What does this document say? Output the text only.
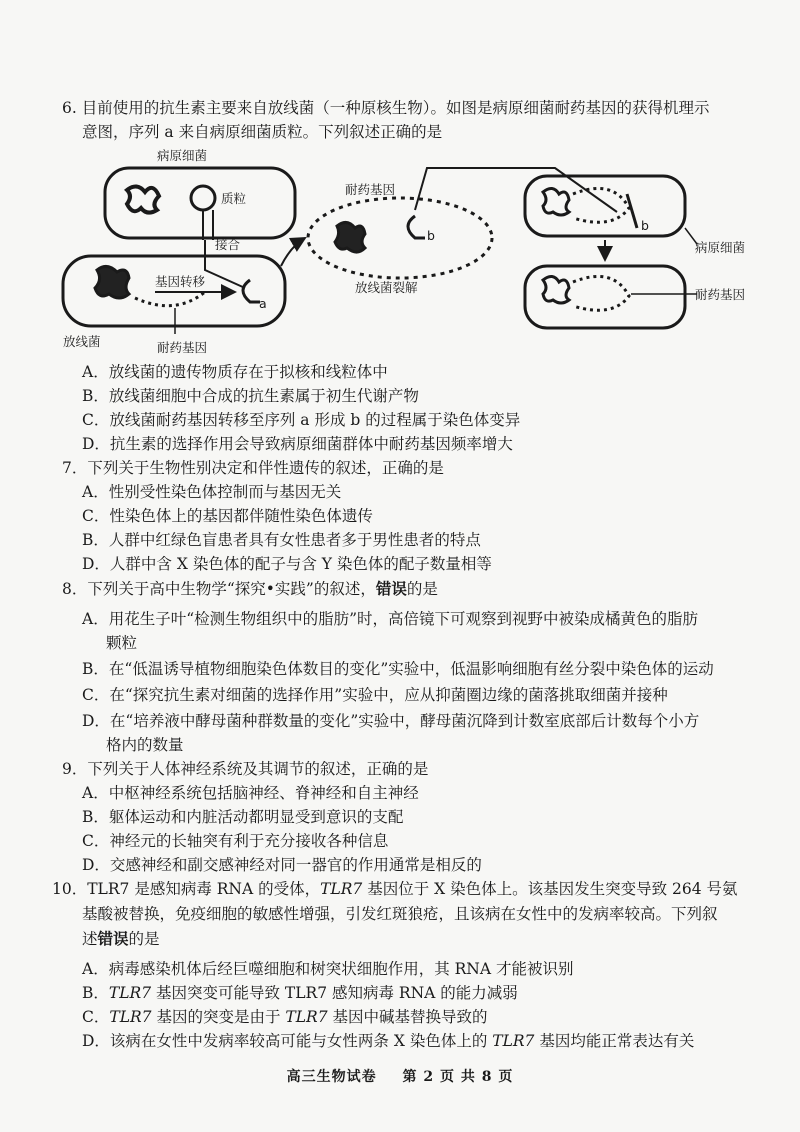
6. 目前使用的抗生素主要来自放线菌（一种原核生物）。如图是病原细菌耐药基因的获得机理示
意图，序列 a 来自病原细菌质粒。下列叙述正确的是
病原细菌
质粒
接合
基因转移
a
放线菌	耐药基因
耐药基因
b
放线菌裂解
b
病原细菌
耐药基因
A．放线菌的遗传物质存在于拟核和线粒体中
B．放线菌细胞中合成的抗生素属于初生代谢产物
C．放线菌耐药基因转移至序列 a 形成 b 的过程属于染色体变异
D．抗生素的选择作用会导致病原细菌群体中耐药基因频率增大
7．下列关于生物性别决定和伴性遗传的叙述，正确的是
A．性别受性染色体控制而与基因无关
C．性染色体上的基因都伴随性染色体遗传
B．人群中红绿色盲患者具有女性患者多于男性患者的特点
D．人群中含 X 染色体的配子与含 Y 染色体的配子数量相等
8．下列关于高中生物学“探究•实践”的叙述，错误的是
A．用花生子叶“检测生物组织中的脂肪”时，高倍镜下可观察到视野中被染成橘黄色的脂肪
颗粒
B．在“低温诱导植物细胞染色体数目的变化”实验中，低温影响细胞有丝分裂中染色体的运动
C．在“探究抗生素对细菌的选择作用”实验中，应从抑菌圈边缘的菌落挑取细菌并接种
D．在“培养液中酵母菌种群数量的变化”实验中，酵母菌沉降到计数室底部后计数每个小方
格内的数量
9．下列关于人体神经系统及其调节的叙述，正确的是
A．中枢神经系统包括脑神经、脊神经和自主神经
B．躯体运动和内脏活动都明显受到意识的支配
C．神经元的长轴突有利于充分接收各种信息
D．交感神经和副交感神经对同一器官的作用通常是相反的
10．TLR7 是感知病毒 RNA 的受体，TLR7 基因位于 X 染色体上。该基因发生突变导致 264 号氨
基酸被替换，免疫细胞的敏感性增强，引发红斑狼疮，且该病在女性中的发病率较高。下列叙
述错误的是
A．病毒感染机体后经巨噬细胞和树突状细胞作用，其 RNA 才能被识别
B．TLR7 基因突变可能导致 TLR7 感知病毒 RNA 的能力减弱
C．TLR7 基因的突变是由于 TLR7 基因中碱基替换导致的
D．该病在女性中发病率较高可能与女性两条 X 染色体上的 TLR7 基因均能正常表达有关
高三生物试卷 第 2 页 共 8 页
